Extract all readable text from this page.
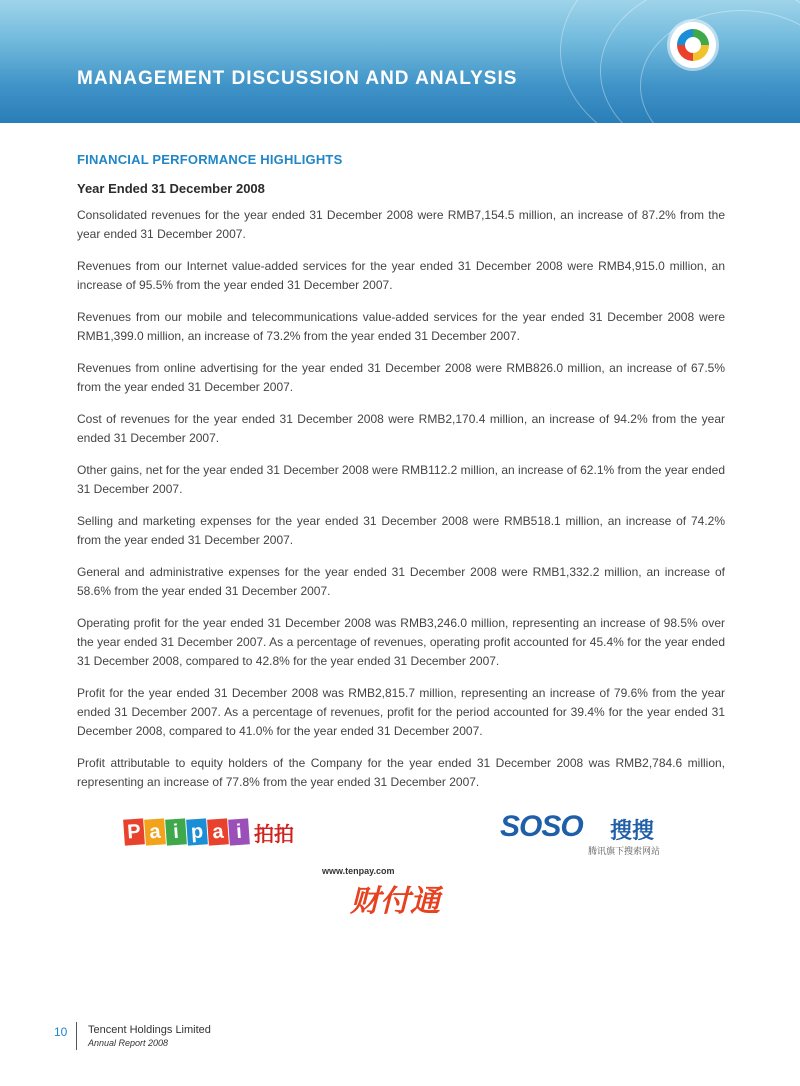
MANAGEMENT DISCUSSION AND ANALYSIS
FINANCIAL PERFORMANCE HIGHLIGHTS
Year Ended 31 December 2008

Consolidated revenues for the year ended 31 December 2008 were RMB7,154.5 million, an increase of 87.2% from the year ended 31 December 2007.

Revenues from our Internet value-added services for the year ended 31 December 2008 were RMB4,915.0 million, an increase of 95.5% from the year ended 31 December 2007.

Revenues from our mobile and telecommunications value-added services for the year ended 31 December 2008 were RMB1,399.0 million, an increase of 73.2% from the year ended 31 December 2007.

Revenues from online advertising for the year ended 31 December 2008 were RMB826.0 million, an increase of 67.5% from the year ended 31 December 2007.

Cost of revenues for the year ended 31 December 2008 were RMB2,170.4 million, an increase of 94.2% from the year ended 31 December 2007.

Other gains, net for the year ended 31 December 2008 were RMB112.2 million, an increase of 62.1% from the year ended 31 December 2007.

Selling and marketing expenses for the year ended 31 December 2008 were RMB518.1 million, an increase of 74.2% from the year ended 31 December 2007.

General and administrative expenses for the year ended 31 December 2008 were RMB1,332.2 million, an increase of 58.6% from the year ended 31 December 2007.

Operating profit for the year ended 31 December 2008 was RMB3,246.0 million, representing an increase of 98.5% over the year ended 31 December 2007. As a percentage of revenues, operating profit accounted for 45.4% for the year ended 31 December 2008, compared to 42.8% for the year ended 31 December 2007.

Profit for the year ended 31 December 2008 was RMB2,815.7 million, representing an increase of 79.6% from the year ended 31 December 2007. As a percentage of revenues, profit for the period accounted for 39.4% for the year ended 31 December 2008, compared to 41.0% for the year ended 31 December 2007.

Profit attributable to equity holders of the Company for the year ended 31 December 2008 was RMB2,784.6 million, representing an increase of 77.8% from the year ended 31 December 2007.

P a i p a i 拍拍	SOSO 搜搜
腾讯旗下搜索网站
www.tenpay.com
财付通
10 Tencent Holdings Limited
Annual Report 2008
